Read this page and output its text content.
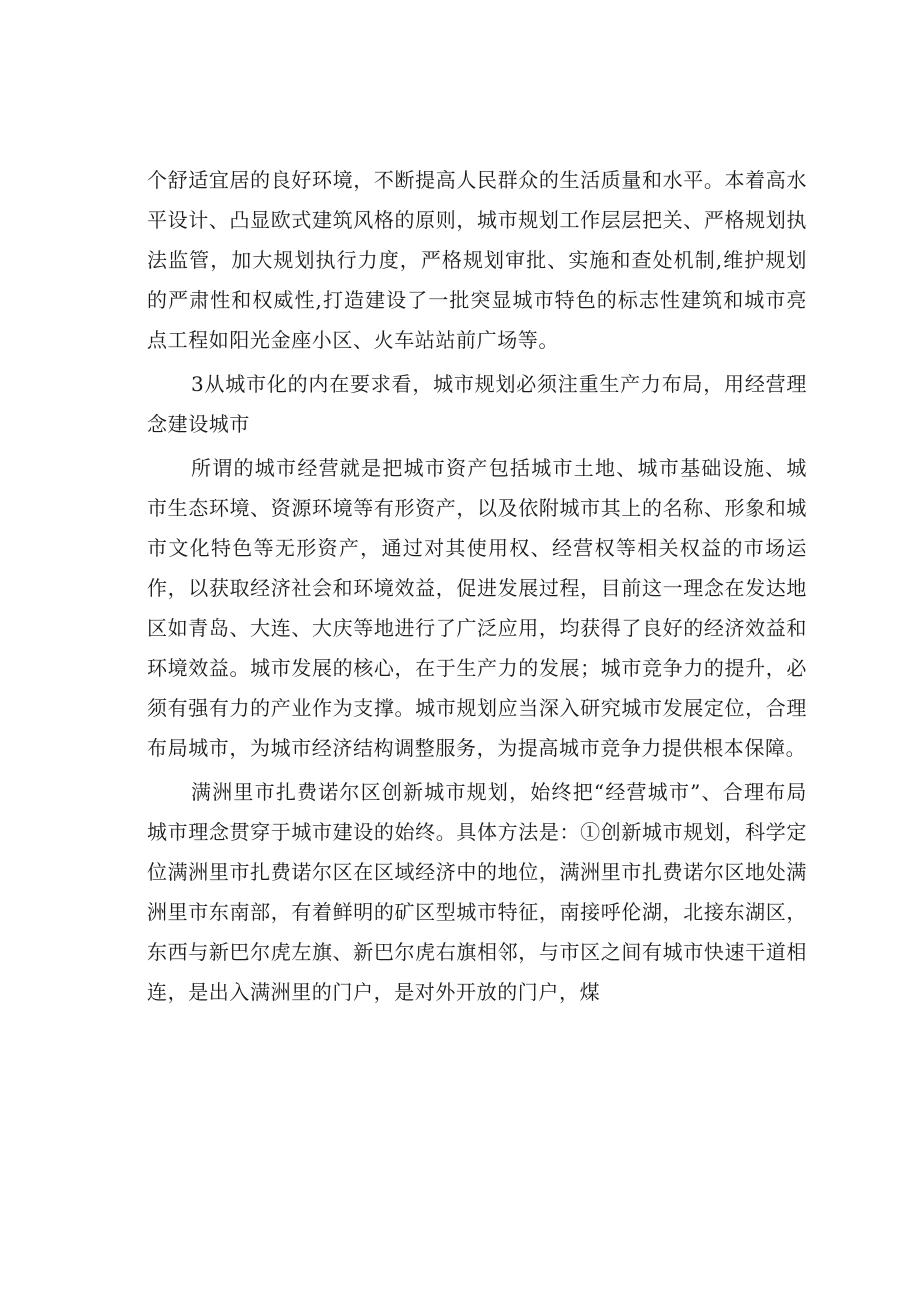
个舒适宜居的良好环境，不断提高人民群众的生活质量和水平。本着高水平设计、凸显欧式建筑风格的原则，城市规划工作层层把关、严格规划执法监管，加大规划执行力度，严格规划审批、实施和查处机制,维护规划的严肃性和权威性,打造建设了一批突显城市特色的标志性建筑和城市亮点工程如阳光金座小区、火车站站前广场等。

3从城市化的内在要求看，城市规划必须注重生产力布局，用经营理念建设城市

所谓的城市经营就是把城市资产包括城市土地、城市基础设施、城市生态环境、资源环境等有形资产，以及依附城市其上的名称、形象和城市文化特色等无形资产，通过对其使用权、经营权等相关权益的市场运作，以获取经济社会和环境效益，促进发展过程，目前这一理念在发达地区如青岛、大连、大庆等地进行了广泛应用，均获得了良好的经济效益和环境效益。城市发展的核心，在于生产力的发展；城市竞争力的提升，必须有强有力的产业作为支撑。城市规划应当深入研究城市发展定位，合理布局城市，为城市经济结构调整服务，为提高城市竞争力提供根本保障。

满洲里市扎费诺尔区创新城市规划，始终把“经营城市”、合理布局城市理念贯穿于城市建设的始终。具体方法是：①创新城市规划，科学定位满洲里市扎费诺尔区在区域经济中的地位，满洲里市扎费诺尔区地处满洲里市东南部，有着鲜明的矿区型城市特征，南接呼伦湖，北接东湖区，东西与新巴尔虎左旗、新巴尔虎右旗相邻，与市区之间有城市快速干道相连，是出入满洲里的门户，是对外开放的门户，煤
